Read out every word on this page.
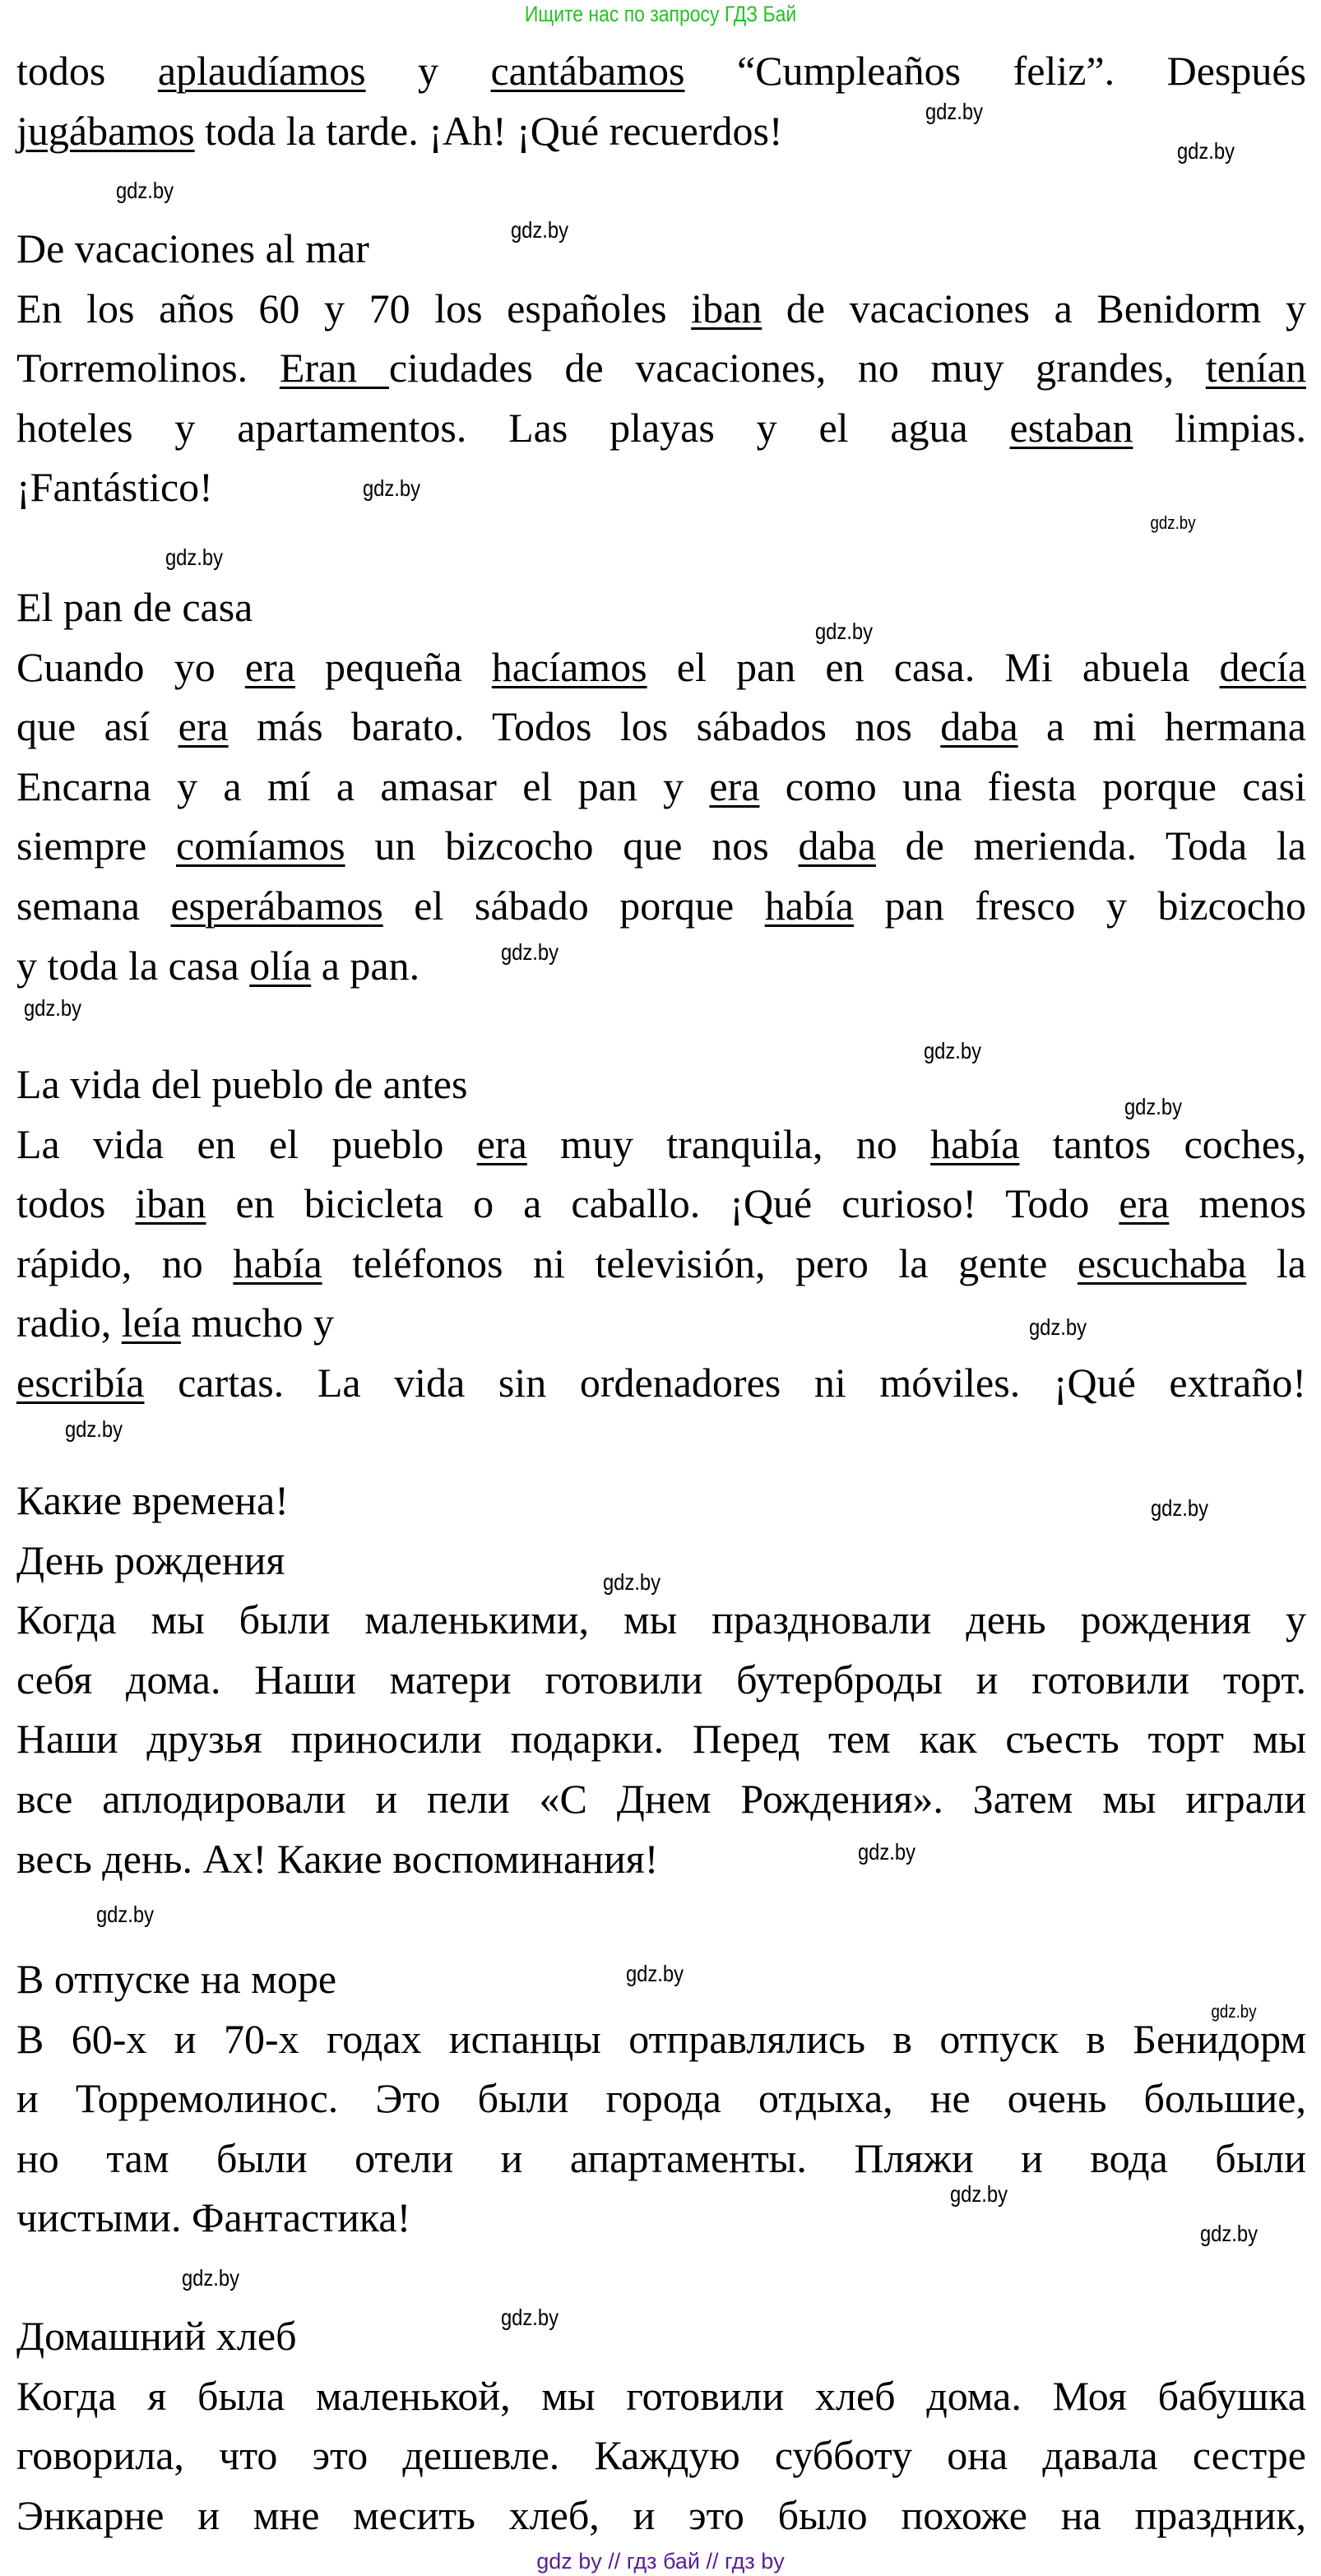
Ищите нас по запросу ГДЗ Бай
todos aplaudíamos y cantábamos “Cumpleaños feliz”. Después
jugábamos toda la tarde. ¡Ah! ¡Qué recuerdos!
De vacaciones al mar
En los años 60 y 70 los españoles iban de vacaciones a Benidorm y
Torremolinos. Eran ciudades de vacaciones, no muy grandes, tenían
hoteles y apartamentos. Las playas y el agua estaban limpias.
¡Fantástico!
El pan de casa
Cuando yo era pequeña hacíamos el pan en casa. Mi abuela decía
que así era más barato. Todos los sábados nos daba a mi hermana
Encarna y a mí a amasar el pan y era como una fiesta porque casi
siempre comíamos un bizcocho que nos daba de merienda. Toda la
semana esperábamos el sábado porque había pan fresco y bizcocho
y toda la casa olía a pan.
La vida del pueblo de antes
La vida en el pueblo era muy tranquila, no había tantos coches,
todos iban en bicicleta o a caballo. ¡Qué curioso! Todo era menos
rápido, no había teléfonos ni televisión, pero la gente escuchaba la
radio, leía mucho y
escribía cartas. La vida sin ordenadores ni móviles. ¡Qué extraño!
Какие времена!
День рождения
Когда мы были маленькими, мы праздновали день рождения у
себя дома. Наши матери готовили бутерброды и готовили торт.
Наши друзья приносили подарки. Перед тем как съесть торт мы
все аплодировали и пели «С Днем Рождения». Затем мы играли
весь день. Ах! Какие воспоминания!
В отпуске на море
В 60-х и 70-х годах испанцы отправлялись в отпуск в Бенидорм
и Торремолинос. Это были города отдыха, не очень большие,
но там были отели и апартаменты. Пляжи и вода были
чистыми. Фантастика!
Домашний хлеб
Когда я была маленькой, мы готовили хлеб дома. Моя бабушка
говорила, что это дешевле. Каждую субботу она давала сестре
Энкарне и мне месить хлеб, и это было похоже на праздник,
gdz.by
gdz.by
gdz.by
gdz.by
gdz.by
gdz.by
gdz.by
gdz.by
gdz.by
gdz.by
gdz.by
gdz.by
gdz.by
gdz.by
gdz.by
gdz.by
gdz.by
gdz.by
gdz.by
gdz.by
gdz.by
gdz.by
gdz.by
gdz.by
gdz by // гдз бай // гдз by
